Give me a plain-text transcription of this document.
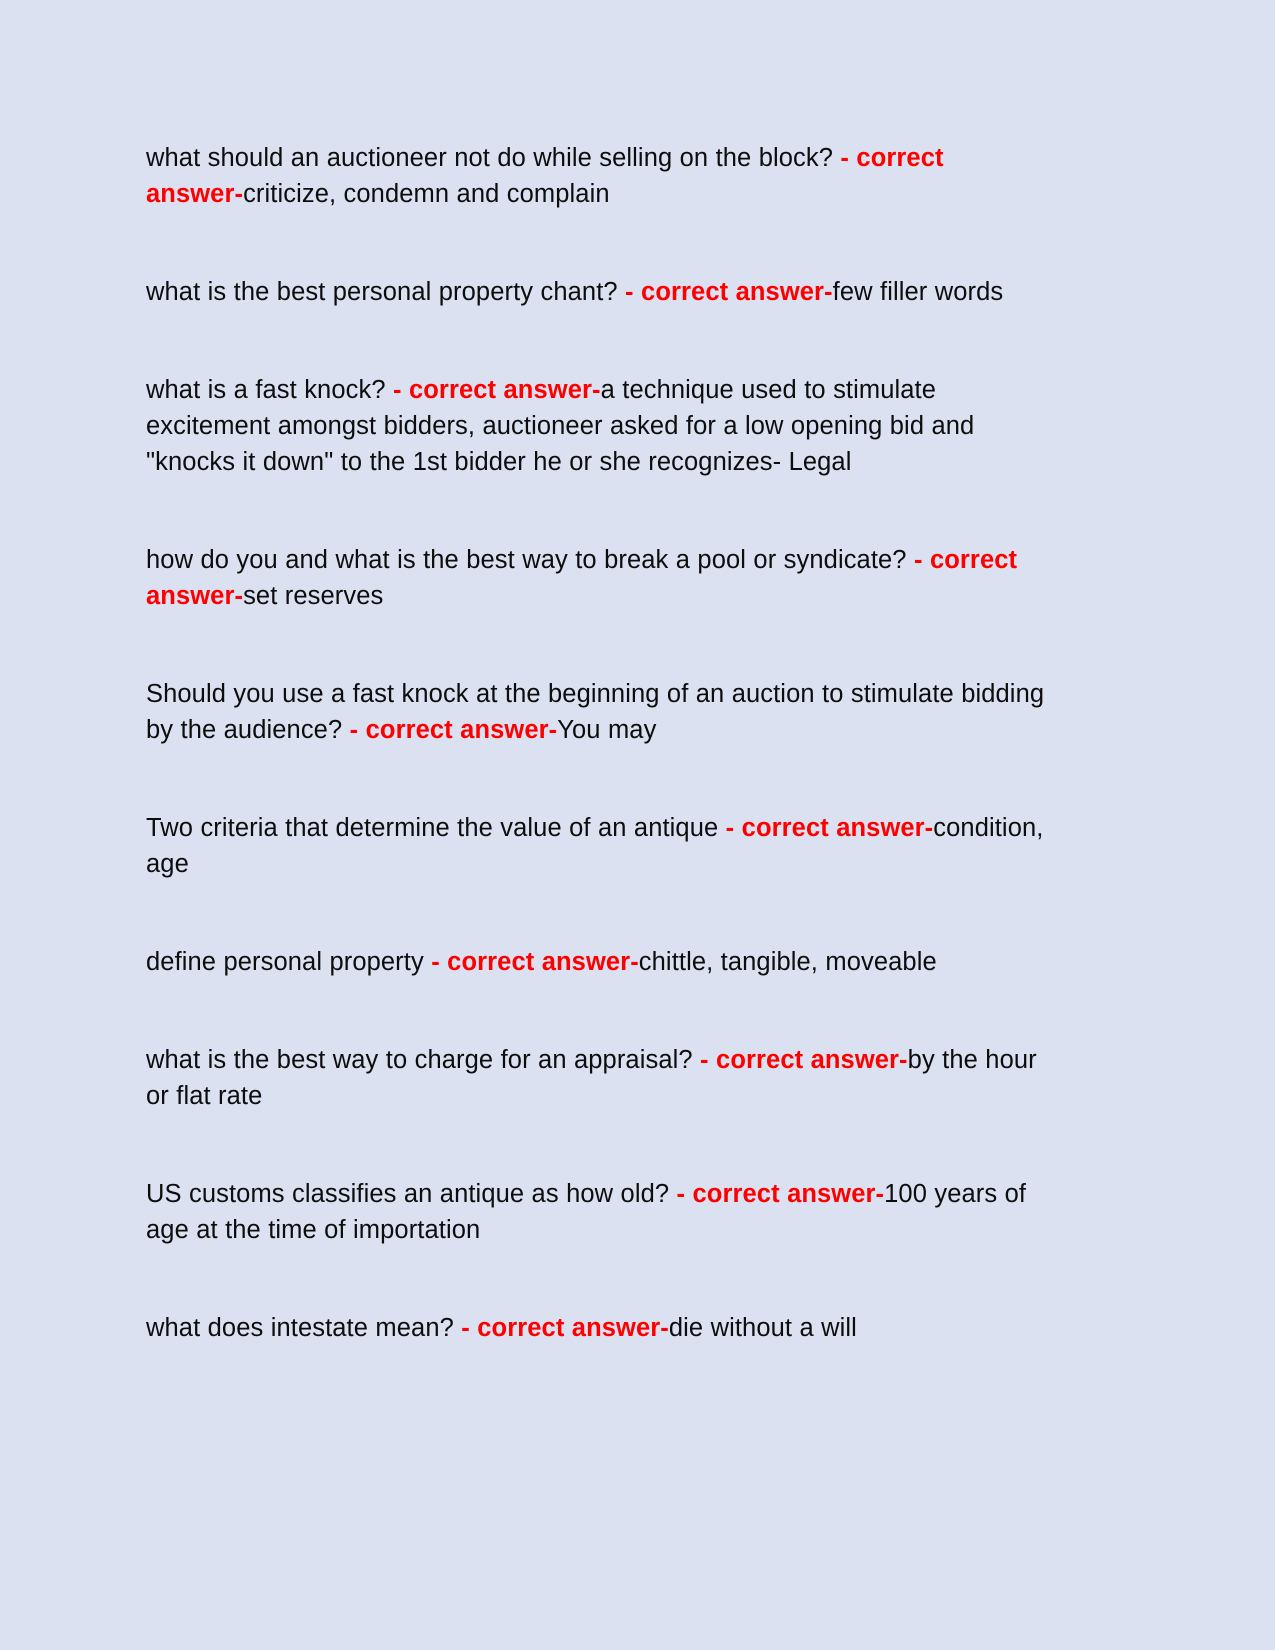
what should an auctioneer not do while selling on the block? - correct answer-criticize, condemn and complain

what is the best personal property chant? - correct answer-few filler words

what is a fast knock? - correct answer-a technique used to stimulate excitement amongst bidders, auctioneer asked for a low opening bid and "knocks it down" to the 1st bidder he or she recognizes- Legal

how do you and what is the best way to break a pool or syndicate? - correct answer-set reserves

Should you use a fast knock at the beginning of an auction to stimulate bidding by the audience? - correct answer-You may

Two criteria that determine the value of an antique - correct answer-condition, age

define personal property - correct answer-chittle, tangible, moveable

what is the best way to charge for an appraisal? - correct answer-by the hour or flat rate

US customs classifies an antique as how old? - correct answer-100 years of age at the time of importation

what does intestate mean? - correct answer-die without a will
